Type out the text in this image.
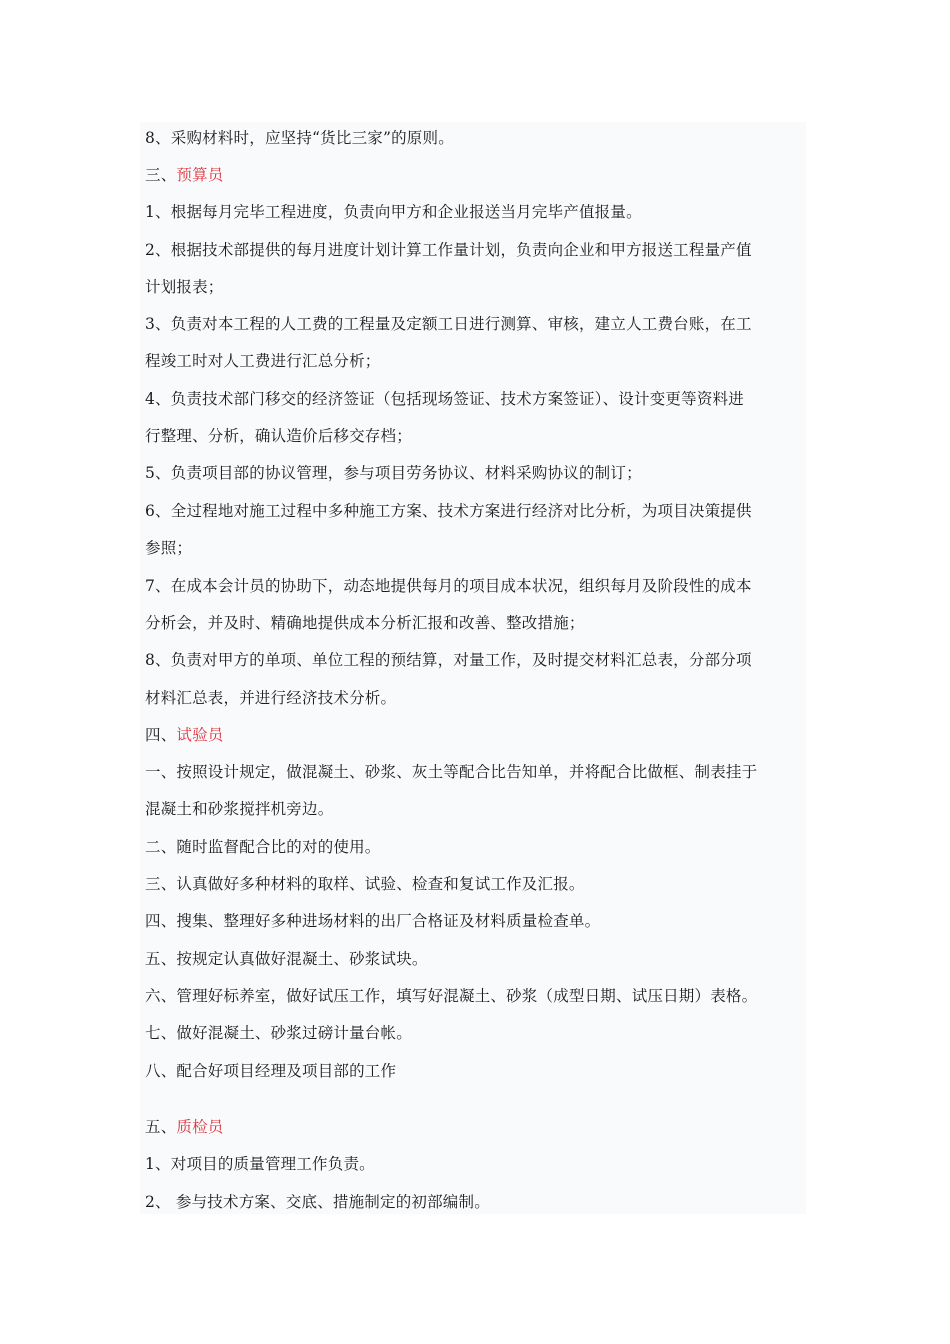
8、采购材料时，应坚持“货比三家”的原则。
三、预算员
1、根据每月完毕工程进度，负责向甲方和企业报送当月完毕产值报量。
2、根据技术部提供的每月进度计划计算工作量计划，负责向企业和甲方报送工程量产值
计划报表；
3、负责对本工程的人工费的工程量及定额工日进行测算、审核，建立人工费台账，在工
程竣工时对人工费进行汇总分析；
4、负责技术部门移交的经济签证（包括现场签证、技术方案签证）、设计变更等资料进
行整理、分析，确认造价后移交存档；
5、负责项目部的协议管理，参与项目劳务协议、材料采购协议的制订；
6、全过程地对施工过程中多种施工方案、技术方案进行经济对比分析，为项目决策提供
参照；
7、在成本会计员的协助下，动态地提供每月的项目成本状况，组织每月及阶段性的成本
分析会，并及时、精确地提供成本分析汇报和改善、整改措施；
8、负责对甲方的单项、单位工程的预结算，对量工作，及时提交材料汇总表，分部分项
材料汇总表，并进行经济技术分析。
四、试验员
一、按照设计规定，做混凝土、砂浆、灰土等配合比告知单，并将配合比做框、制表挂于
混凝土和砂浆搅拌机旁边。
二、随时监督配合比的对的使用。
三、认真做好多种材料的取样、试验、检查和复试工作及汇报。
四、搜集、整理好多种进场材料的出厂合格证及材料质量检查单。
五、按规定认真做好混凝土、砂浆试块。
六、管理好标养室，做好试压工作，填写好混凝土、砂浆（成型日期、试压日期）表格。
七、做好混凝土、砂浆过磅计量台帐。
八、配合好项目经理及项目部的工作
五、质检员
1、对项目的质量管理工作负责。
2、 参与技术方案、交底、措施制定的初部编制。
